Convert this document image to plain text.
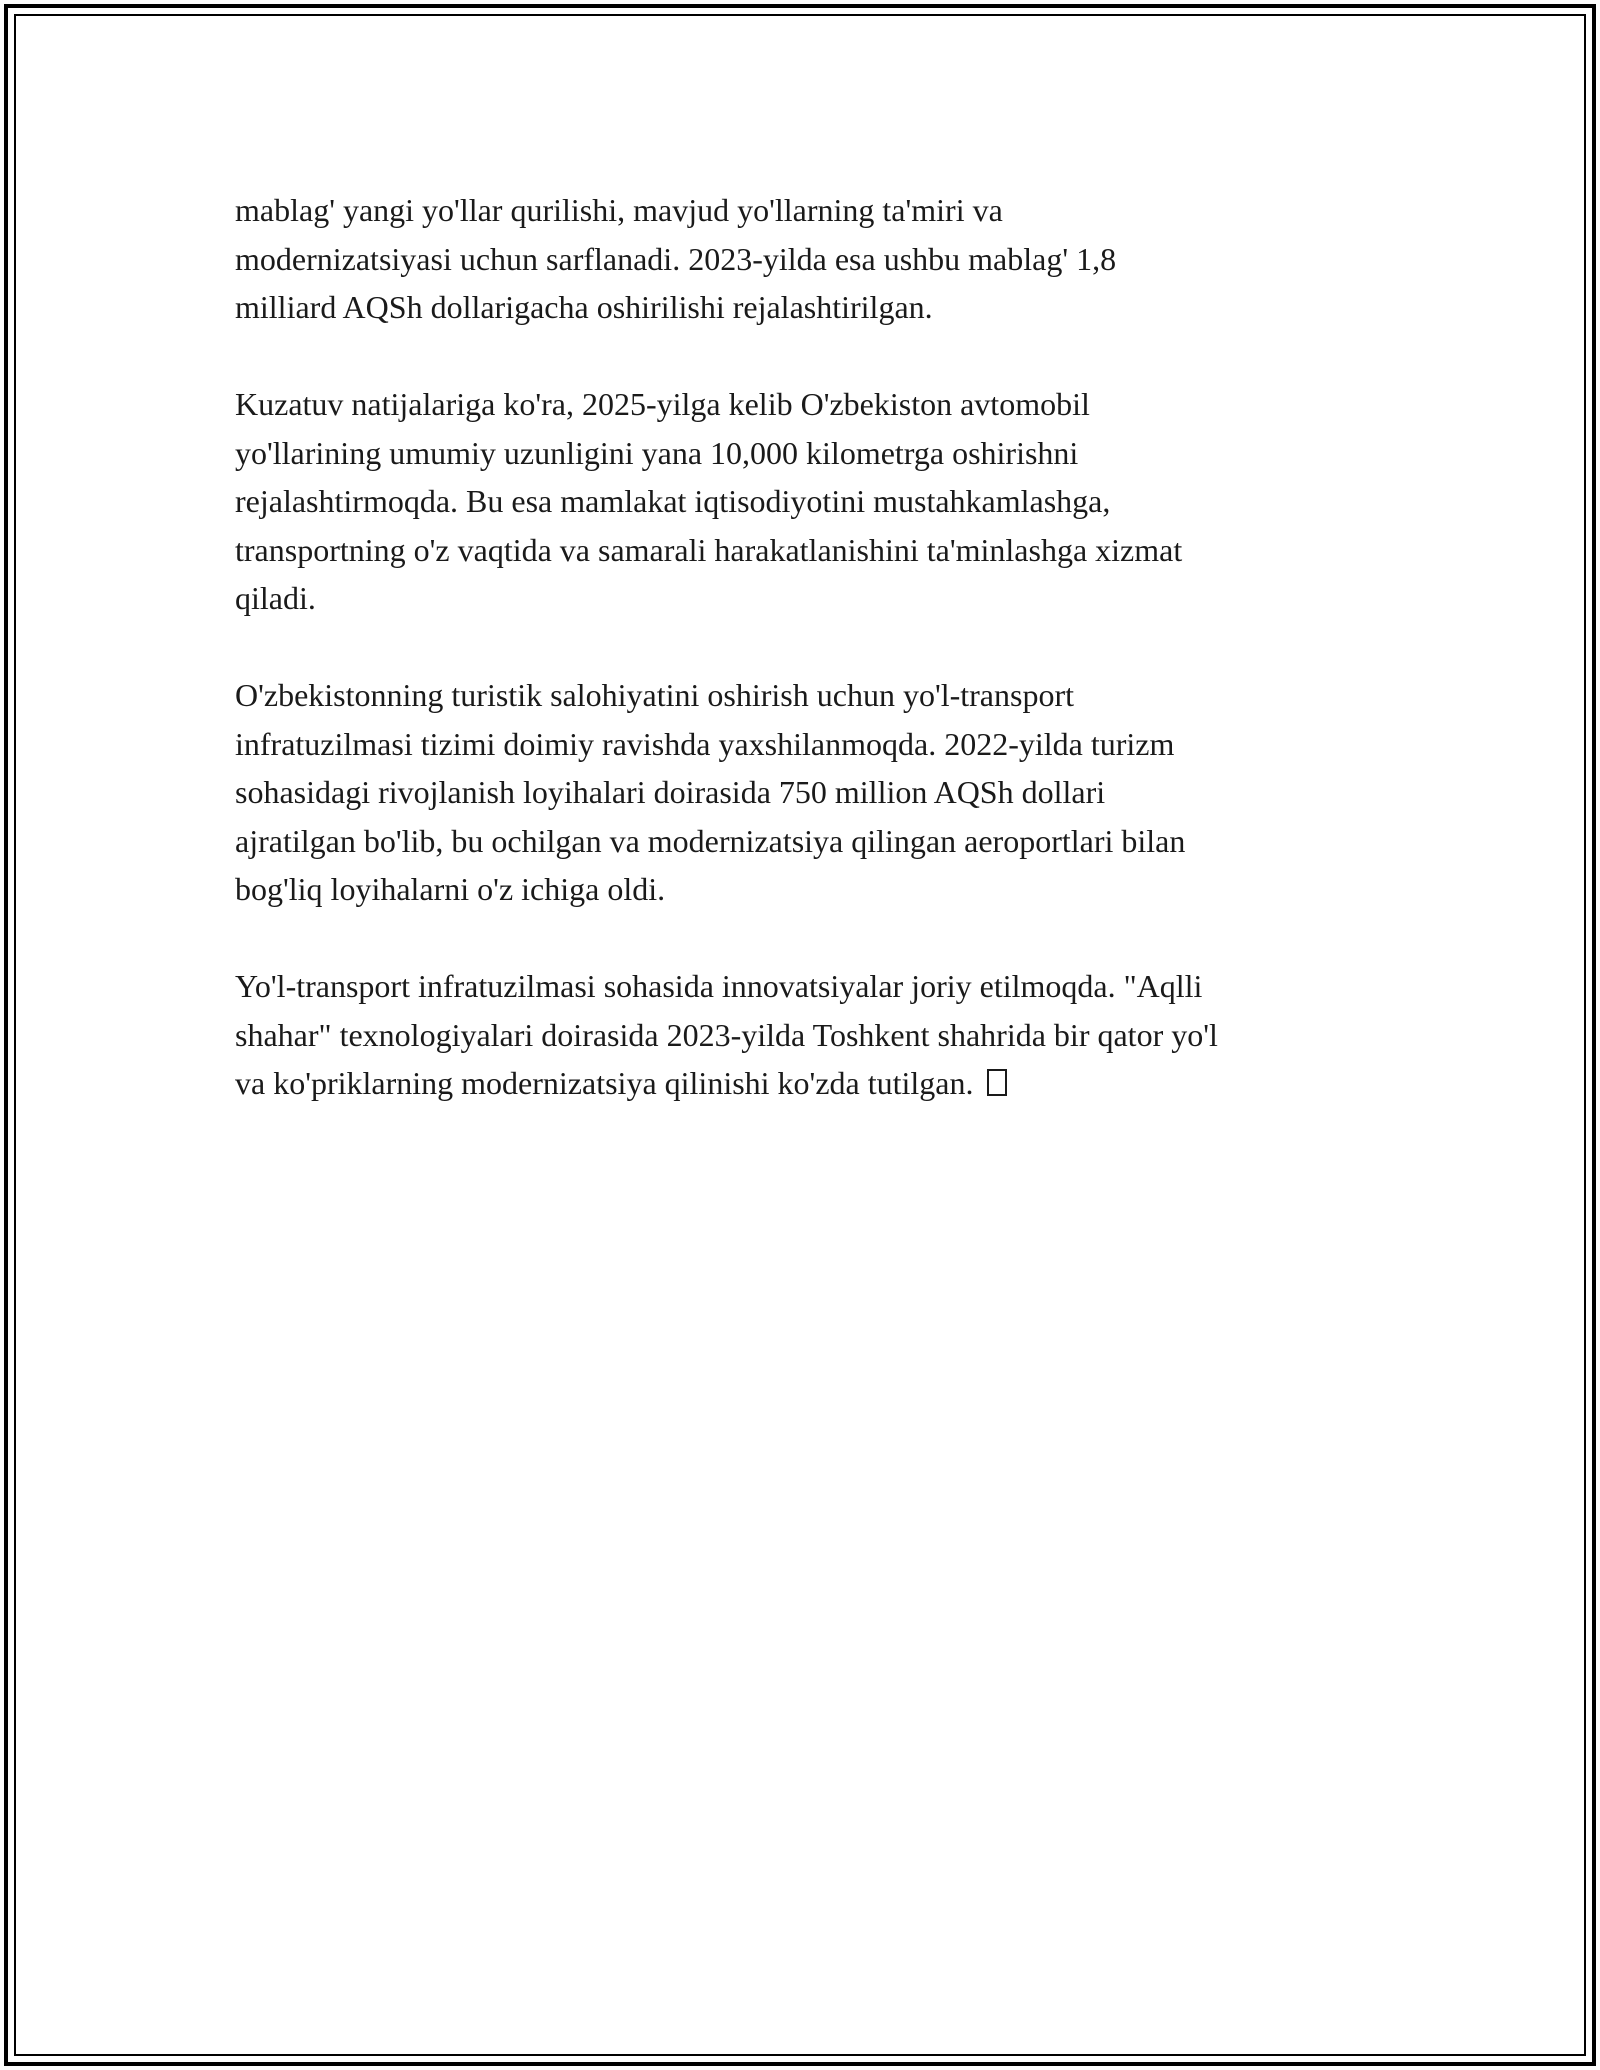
mablag' yangi yo'llar qurilishi, mavjud yo'llarning ta'miri va
modernizatsiyasi uchun sarflanadi. 2023-yilda esa ushbu mablag' 1,8
milliard AQSh dollarigacha oshirilishi rejalashtirilgan.

Kuzatuv natijalariga ko'ra, 2025-yilga kelib O'zbekiston avtomobil
yo'llarining umumiy uzunligini yana 10,000 kilometrga oshirishni
rejalashtirmoqda. Bu esa mamlakat iqtisodiyotini mustahkamlashga,
transportning o'z vaqtida va samarali harakatlanishini ta'minlashga xizmat
qiladi.

O'zbekistonning turistik salohiyatini oshirish uchun yo'l-transport
infratuzilmasi tizimi doimiy ravishda yaxshilanmoqda. 2022-yilda turizm
sohasidagi rivojlanish loyihalari doirasida 750 million AQSh dollari
ajratilgan bo'lib, bu ochilgan va modernizatsiya qilingan aeroportlari bilan
bog'liq loyihalarni o'z ichiga oldi.

Yo'l-transport infratuzilmasi sohasida innovatsiyalar joriy etilmoqda. "Aqlli
shahar" texnologiyalari doirasida 2023-yilda Toshkent shahrida bir qator yo'l
va ko'priklarning modernizatsiya qilinishi ko'zda tutilgan.
